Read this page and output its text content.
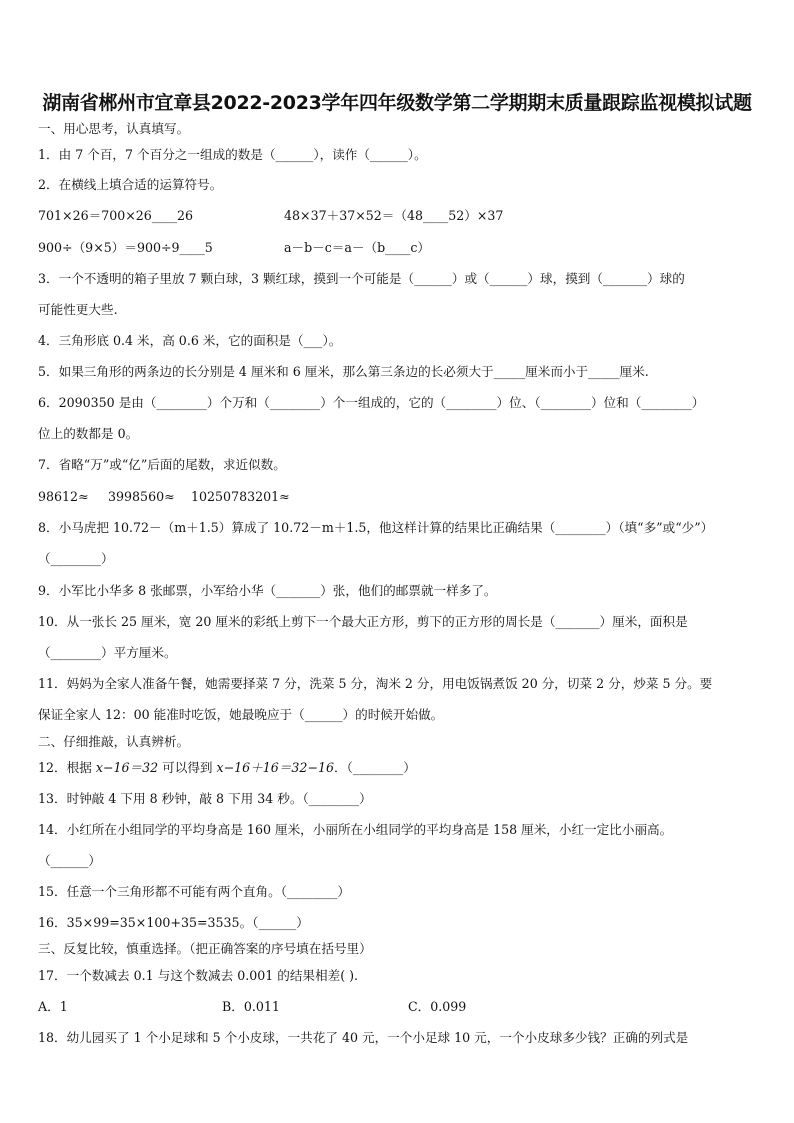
湖南省郴州市宜章县2022-2023学年四年级数学第二学期期末质量跟踪监视模拟试题
一、用心思考，认真填写。
1．由 7 个百，7 个百分之一组成的数是（______），读作（______）。
2．在横线上填合适的运算符号。
701×26＝700×26____26	48×37＋37×52＝（48____52）×37
900÷（9×5）＝900÷9____5	a－b－c＝a－（b____c）
3．一个不透明的箱子里放 7 颗白球，3 颗红球，摸到一个可能是（______）或（______）球，摸到（_______）球的
可能性更大些.
4．三角形底 0.4 米，高 0.6 米，它的面积是（___）。
5．如果三角形的两条边的长分别是 4 厘米和 6 厘米，那么第三条边的长必须大于_____厘米而小于_____厘米.
6．2090350 是由（________）个万和（________）个一组成的，它的（________）位、（________）位和（________）
位上的数都是 0。
7．省略“万”或“亿”后面的尾数，求近似数。
98612≈ 3998560≈ 10250783201≈
8．小马虎把 10.72－（m＋1.5）算成了 10.72－m＋1.5，他这样计算的结果比正确结果（________）（填“多”或“少”）
（________）
9．小军比小华多 8 张邮票，小军给小华（_______）张，他们的邮票就一样多了。
10．从一张长 25 厘米，宽 20 厘米的彩纸上剪下一个最大正方形，剪下的正方形的周长是（_______）厘米，面积是
（________）平方厘米。
11．妈妈为全家人准备午餐，她需要择菜 7 分，洗菜 5 分，淘米 2 分，用电饭锅煮饭 20 分，切菜 2 分，炒菜 5 分。要
保证全家人 12：00 能准时吃饭，她最晚应于（______）的时候开始做。
二、仔细推敲，认真辨析。
12．根据 x−16＝32 可以得到 x−16＋16＝32−16．（________）
13．时钟敲 4 下用 8 秒钟，敲 8 下用 34 秒。（________）
14．小红所在小组同学的平均身高是 160 厘米，小丽所在小组同学的平均身高是 158 厘米，小红一定比小丽高。
（______）
15．任意一个三角形都不可能有两个直角。（________）
16．35×99=35×100+35=3535。（______）
三、反复比较，慎重选择。（把正确答案的序号填在括号里）
17．一个数减去 0.1 与这个数减去 0.001 的结果相差( ).
A．1	B．0.011	C．0.099
18．幼儿园买了 1 个小足球和 5 个小皮球，一共花了 40 元，一个小足球 10 元，一个小皮球多少钱？正确的列式是
